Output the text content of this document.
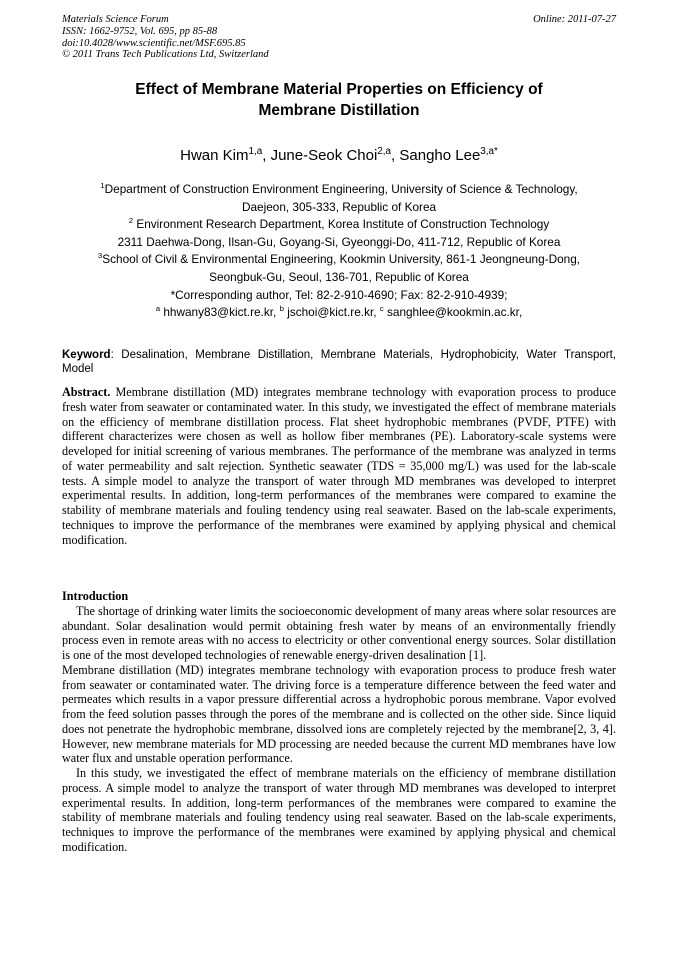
Materials Science Forum
ISSN: 1662-9752, Vol. 695, pp 85-88
doi:10.4028/www.scientific.net/MSF.695.85
© 2011 Trans Tech Publications Ltd, Switzerland
Online: 2011-07-27
Effect of Membrane Material Properties on Efficiency of
Membrane Distillation
Hwan Kim$^{1,a}$, June-Seok Choi$^{2,a}$, Sangho Lee$^{3,a*}$
$^1$Department of Construction Environment Engineering, University of Science & Technology,
Daejeon, 305-333, Republic of Korea
$^2$ Environment Research Department, Korea Institute of Construction Technology
2311 Daehwa-Dong, Ilsan-Gu, Goyang-Si, Gyeonggi-Do, 411-712, Republic of Korea
$^3$School of Civil & Environmental Engineering, Kookmin University, 861-1 Jeongneung-Dong,
Seongbuk-Gu, Seoul, 136-701, Republic of Korea
*Corresponding author, Tel: 82-2-910-4690; Fax: 82-2-910-4939;
$^a$ hhwany83@kict.re.kr, $^b$ jschoi@kict.re.kr, $^c$ sanghlee@kookmin.ac.kr,
Keyword: Desalination, Membrane Distillation, Membrane Materials, Hydrophobicity, Water Transport, Model
Abstract. Membrane distillation (MD) integrates membrane technology with evaporation process to produce fresh water from seawater or contaminated water. In this study, we investigated the effect of membrane materials on the efficiency of membrane distillation process. Flat sheet hydrophobic membranes (PVDF, PTFE) with different characterizes were chosen as well as hollow fiber membranes (PE). Laboratory-scale systems were developed for initial screening of various membranes. The performance of the membrane was analyzed in terms of water permeability and salt rejection. Synthetic seawater (TDS = 35,000 mg/L) was used for the lab-scale tests. A simple model to analyze the transport of water through MD membranes was developed to interpret experimental results. In addition, long-term performances of the membranes were compared to examine the stability of membrane materials and fouling tendency using real seawater. Based on the lab-scale experiments, techniques to improve the performance of the membranes were examined by applying physical and chemical modification.
Introduction

The shortage of drinking water limits the socioeconomic development of many areas where solar resources are abundant. Solar desalination would permit obtaining fresh water by means of an environmentally friendly process even in remote areas with no access to electricity or other conventional energy sources. Solar distillation is one of the most developed technologies of renewable energy-driven desalination [1].

Membrane distillation (MD) integrates membrane technology with evaporation process to produce fresh water from seawater or contaminated water. The driving force is a temperature difference between the feed water and permeates which results in a vapor pressure differential across a hydrophobic porous membrane. Vapor evolved from the feed solution passes through the pores of the membrane and is collected on the other side. Since liquid does not penetrate the hydrophobic membrane, dissolved ions are completely rejected by the membrane[2, 3, 4]. However, new membrane materials for MD processing are needed because the current MD membranes have low water flux and unstable operation performance.

In this study, we investigated the effect of membrane materials on the efficiency of membrane distillation process. A simple model to analyze the transport of water through MD membranes was developed to interpret experimental results. In addition, long-term performances of the membranes were compared to examine the stability of membrane materials and fouling tendency using real seawater. Based on the lab-scale experiments, techniques to improve the performance of the membranes were examined by applying physical and chemical modification.
